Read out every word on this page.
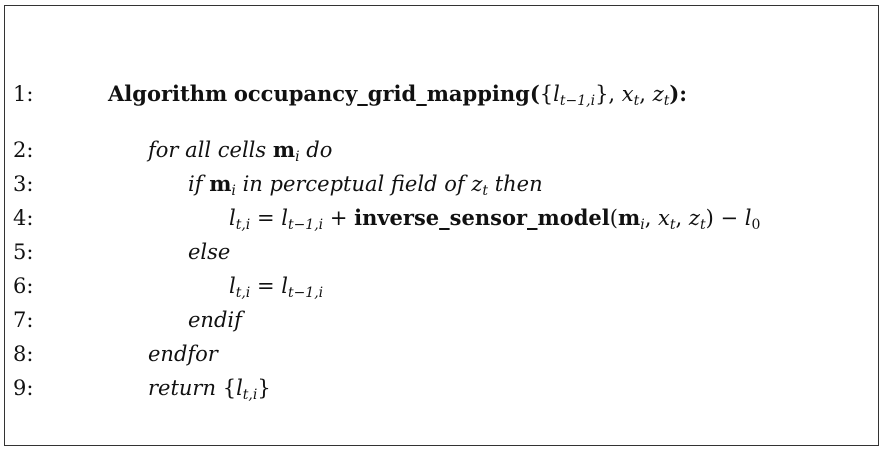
1:	Algorithm $occupancy\_grid\_mapping(\{l_{t-1,i}\}$, $x_t$, $z_t$):
2:	for all cells $m_i$ do
3:	if $m_i$ in perceptual field of $z_t$ then
4:	$l_{t,i} = l_{t-1,i}$ + $inverse\_sensor\_model(m_i$, $x_t$, $z_t) - l_0$
5:	else
6:	$l_{t,i} = l_{t-1,i}$
7:	endif
8:	endfor
9:	return $\{l_{t,i}\}$
